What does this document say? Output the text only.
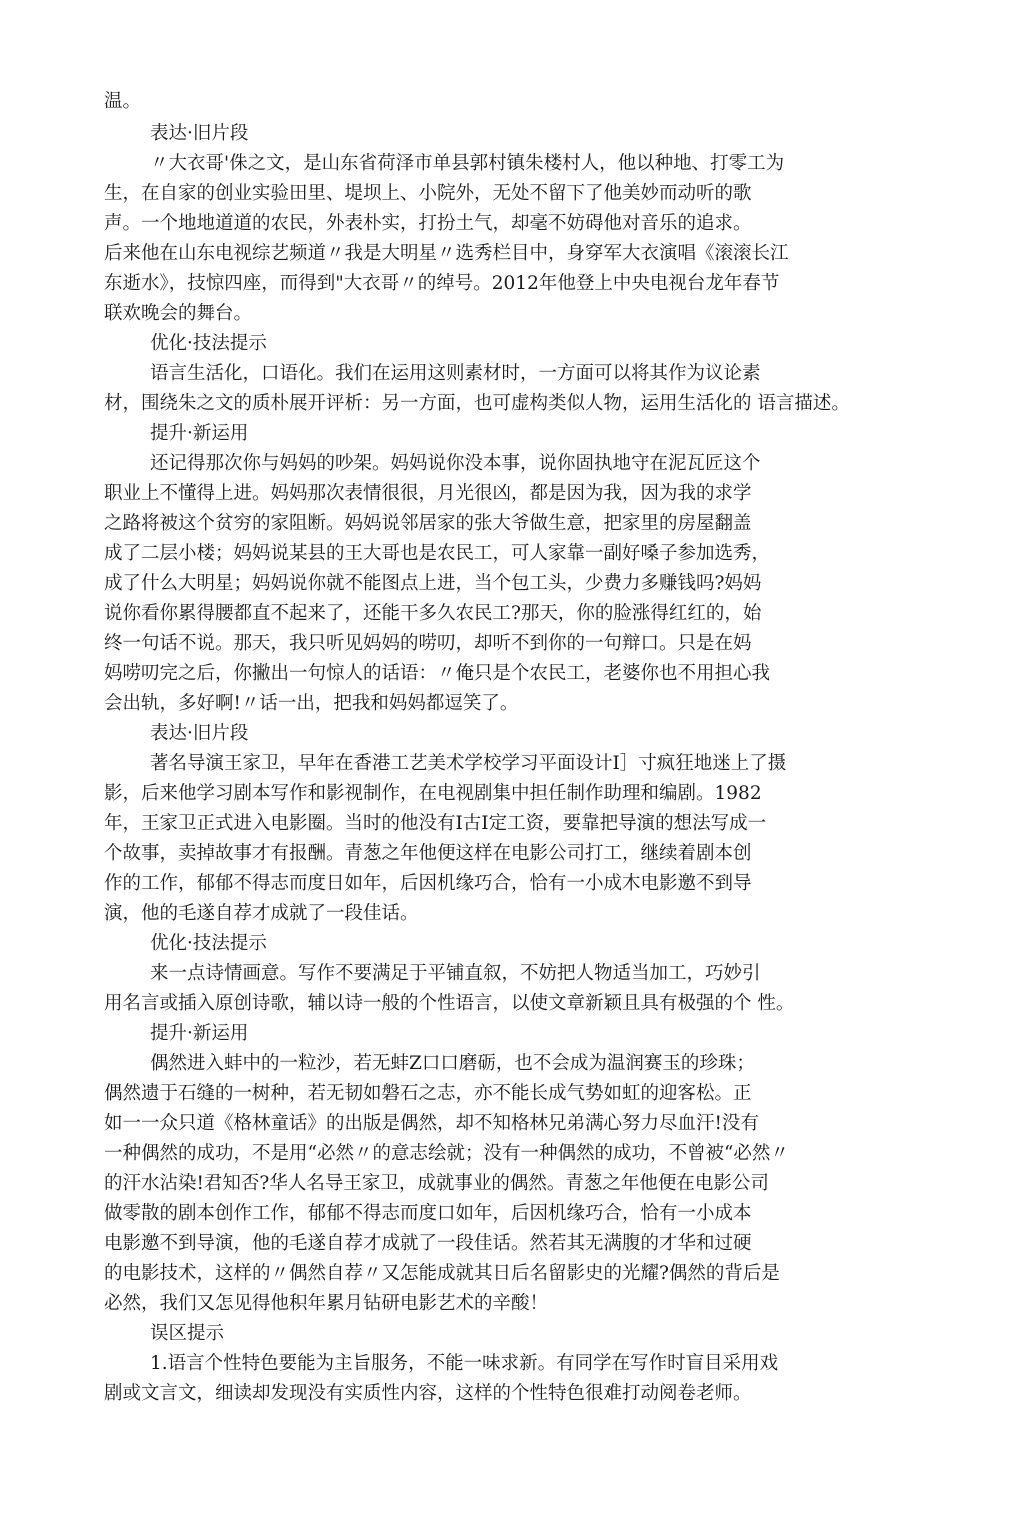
温。
表达·旧片段
〃大衣哥'侏之文，是山东省荷泽市单县郭村镇朱楼村人，他以种地、打零工为
生，在自家的创业实验田里、堤坝上、小院外，无处不留下了他美妙而动听的歌
声。一个地地道道的农民，外表朴实，打扮土气，却毫不妨碍他对音乐的追求。
后来他在山东电视综艺频道〃我是大明星〃选秀栏目中，身穿军大衣演唱《滚滚长江
东逝水》，技惊四座，而得到"大衣哥〃的绰号。2012年他登上中央电视台龙年春节
联欢晚会的舞台。
优化·技法提示
语言生活化，口语化。我们在运用这则素材时，一方面可以将其作为议论素
材，围绕朱之文的质朴展开评析：另一方面，也可虚构类似人物，运用生活化的 语言描述。
提升·新运用
还记得那次你与妈妈的吵架。妈妈说你没本事，说你固执地守在泥瓦匠这个
职业上不懂得上进。妈妈那次表情很很，月光很凶，都是因为我，因为我的求学
之路将被这个贫穷的家阻断。妈妈说邻居家的张大爷做生意，把家里的房屋翻盖
成了二层小楼；妈妈说某县的王大哥也是农民工，可人家靠一副好嗓子参加选秀，
成了什么大明星；妈妈说你就不能图点上进，当个包工头，少费力多赚钱吗?妈妈
说你看你累得腰都直不起来了，还能干多久农民工?那天，你的脸涨得红红的，始
终一句话不说。那天，我只听见妈妈的唠叨，却听不到你的一句辩口。只是在妈
妈唠叨完之后，你撇出一句惊人的话语：〃俺只是个农民工，老婆你也不用担心我
会出轨，多好啊!〃话一出，把我和妈妈都逗笑了。
表达·旧片段
著名导演王家卫，早年在香港工艺美术学校学习平面设计I］寸疯狂地迷上了摄
影，后来他学习剧本写作和影视制作，在电视剧集中担任制作助理和编剧。1982
年，王家卫正式进入电影圈。当时的他没有I古I定工资，要靠把导演的想法写成一
个故事，卖掉故事才有报酬。青葱之年他便这样在电影公司打工，继续着剧本创
作的工作，郁郁不得志而度日如年，后因机缘巧合，恰有一小成木电影邀不到导
演，他的毛遂自荐才成就了一段佳话。
优化·技法提示
来一点诗情画意。写作不要满足于平铺直叙，不妨把人物适当加工，巧妙引
用名言或插入原创诗歌，辅以诗一般的个性语言，以使文章新颖且具有极强的个 性。
提升·新运用
偶然进入蚌中的一粒沙，若无蚌Z口口磨砺，也不会成为温润赛玉的珍珠；
偶然遗于石缝的一树种，若无韧如磐石之志，亦不能长成气势如虹的迎客松。正
如一一众只道《格林童话》的出版是偶然，却不知格林兄弟满心努力尽血汗!没有
一种偶然的成功，不是用“必然〃的意志绘就；没有一种偶然的成功，不曾被“必然〃
的汗水沾染!君知否?华人名导王家卫，成就事业的偶然。青葱之年他便在电影公司
做零散的剧本创作工作，郁郁不得志而度口如年，后因机缘巧合，恰有一小成本
电影邀不到导演，他的毛遂自荐才成就了一段佳话。然若其无满腹的才华和过硬
的电影技术，这样的〃偶然自荐〃又怎能成就其日后名留影史的光耀?偶然的背后是
必然，我们又怎见得他积年累月钻研电影艺术的辛酸！
误区提示
1.语言个性特色要能为主旨服务，不能一味求新。有同学在写作时盲目采用戏
剧或文言文，细读却发现没有实质性内容，这样的个性特色很难打动阅卷老师。
